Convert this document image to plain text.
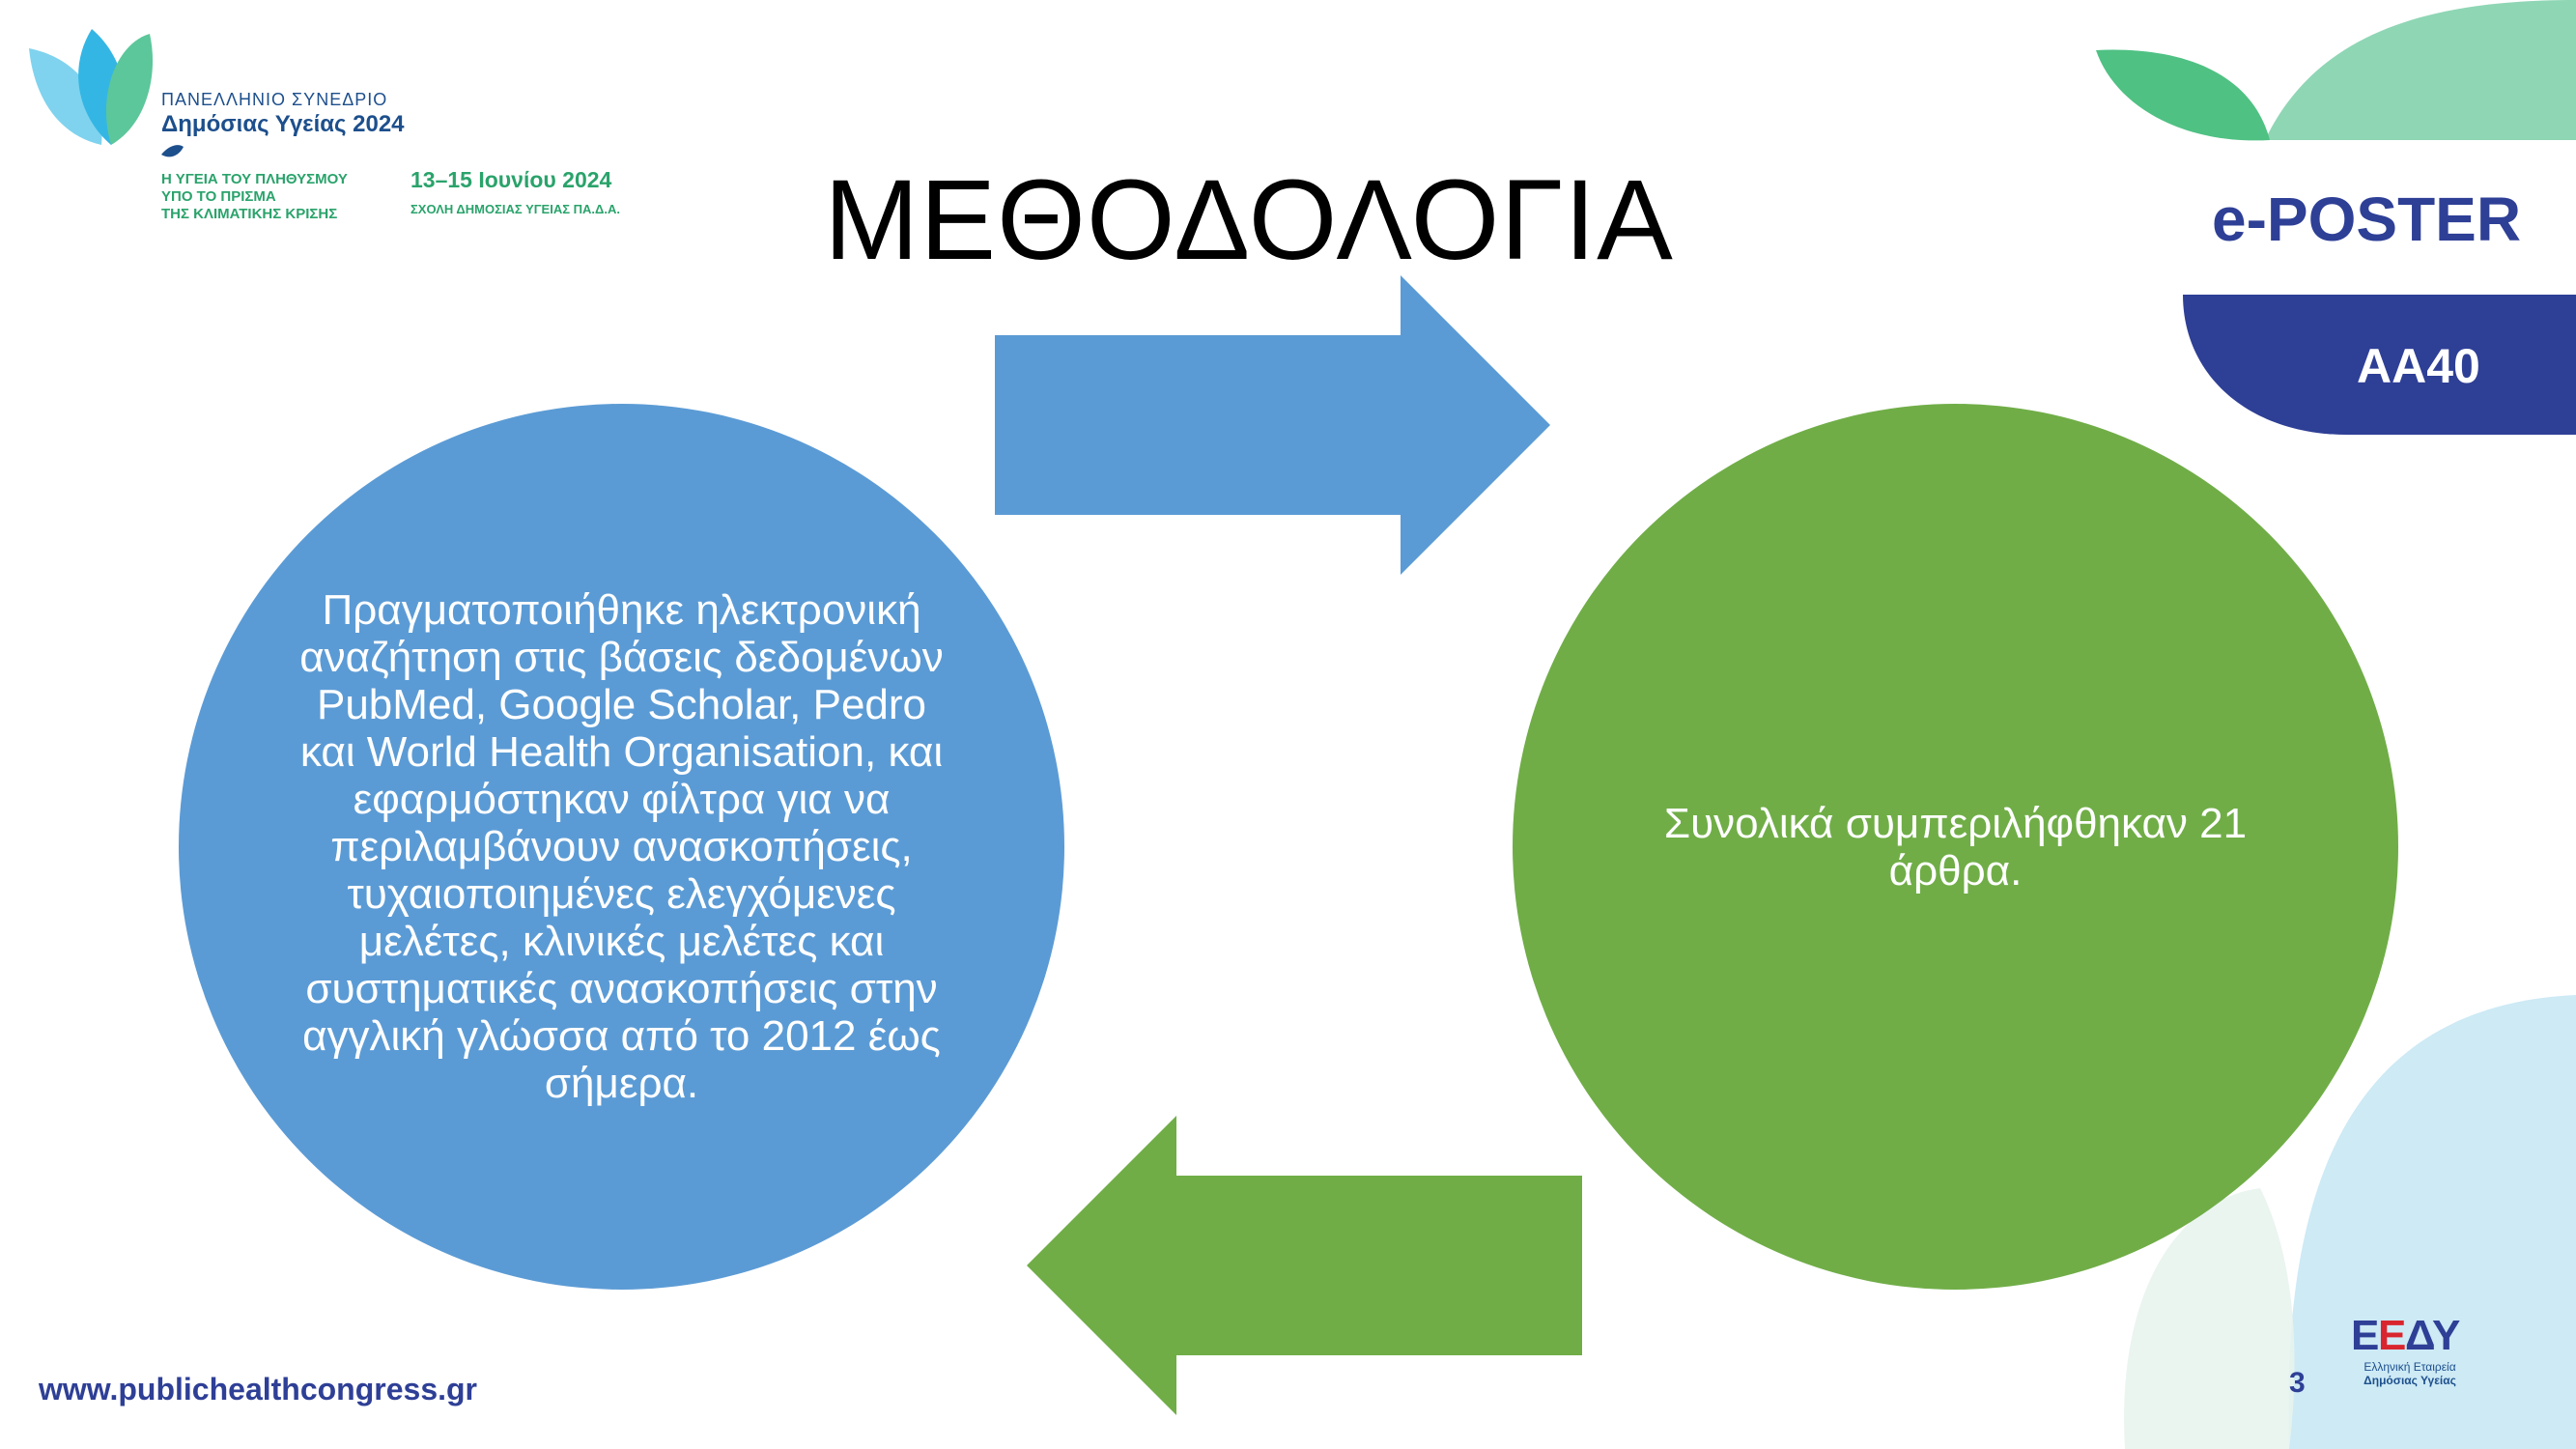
ΠΑΝΕΛΛΗΝΙΟ ΣΥΝΕΔΡΙΟ
Δημόσιας Υγείας 2024
Η ΥΓΕΙΑ ΤΟΥ ΠΛΗΘΥΣΜΟΥ
ΥΠΟ ΤΟ ΠΡΙΣΜΑ
ΤΗΣ ΚΛΙΜΑΤΙΚΗΣ ΚΡΙΣΗΣ
13–15 Ιουνίου 2024
ΣΧΟΛΗ ΔΗΜΟΣΙΑΣ ΥΓΕΙΑΣ ΠΑ.Δ.Α.	e-POSTER
AA40
ΜΕΘΟΔΟΛΟΓΙΑ
Πραγματοποιήθηκε ηλεκτρονική αναζήτηση στις βάσεις δεδομένων PubMed, Google Scholar, Pedro και World Health Organisation, και εφαρμόστηκαν φίλτρα για να περιλαμβάνουν ανασκοπήσεις, τυχαιοποιημένες ελεγχόμενες μελέτες, κλινικές μελέτες και συστηματικές ανασκοπήσεις στην αγγλική γλώσσα από το 2012 έως σήμερα.
Συνολικά συμπεριλήφθηκαν 21 άρθρα.
www.publichealthcongress.gr	3
E
Ε
Δ
Υ
Ελληνική Εταιρεία
Δημόσιας Υγείας
